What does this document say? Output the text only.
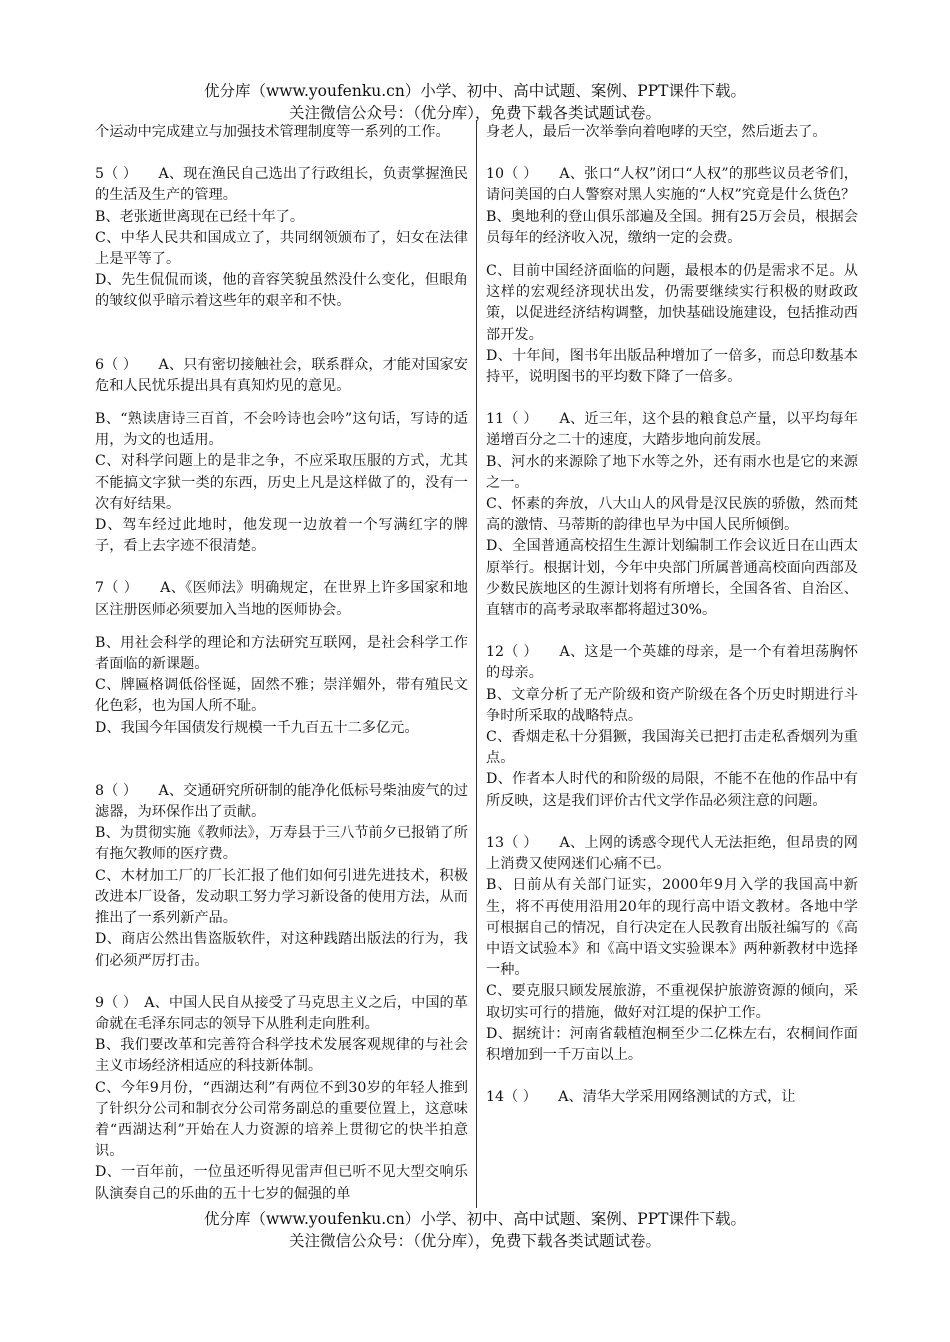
优分库（www.youfenku.cn）小学、初中、高中试题、案例、PPT课件下载。
关注微信公众号：（优分库），免费下载各类试题试卷。

个运动中完成建立与加强技术管理制度等一系列的工作。

5（ ）　　A、现在渔民自己选出了行政组长，负责掌握渔民的生活及生产的管理。

B、老张逝世离现在已经十年了。

C、中华人民共和国成立了，共同纲领颁布了，妇女在法律上是平等了。

D、先生侃侃而谈，他的音容笑貌虽然没什么变化，但眼角的皱纹似乎暗示着这些年的艰辛和不快。

6（ ）　　A、只有密切接触社会，联系群众，才能对国家安危和人民忧乐提出具有真知灼见的意见。

B、“熟读唐诗三百首，不会吟诗也会吟”这句话，写诗的适用，为文的也适用。

C、对科学问题上的是非之争，不应采取压服的方式，尤其不能搞文字狱一类的东西，历史上凡是这样做了的，没有一次有好结果。

D、驾车经过此地时，他发现一边放着一个写满红字的牌子，看上去字迹不很清楚。

7（ ）　　A、《医师法》明确规定，在世界上许多国家和地区注册医师必须要加入当地的医师协会。

B、用社会科学的理论和方法研究互联网，是社会科学工作者面临的新课题。

C、牌匾格调低俗怪诞，固然不雅；崇洋媚外，带有殖民文化色彩，也为国人所不耻。

D、我国今年国债发行规模一千九百五十二多亿元。

8（ ）　　A、交通研究所研制的能净化低标号柴油废气的过滤器，为环保作出了贡献。

B、为贯彻实施《教师法》，万寿县于三八节前夕已报销了所有拖欠教师的医疗费。

C、木材加工厂的厂长汇报了他们如何引进先进技术，积极改进本厂设备，发动职工努力学习新设备的使用方法，从而推出了一系列新产品。

D、商店公然出售盗版软件，对这种践踏出版法的行为，我们必须严厉打击。

9（ ）　A、中国人民自从接受了马克思主义之后，中国的革命就在毛泽东同志的领导下从胜利走向胜利。

B、我们要改革和完善符合科学技术发展客观规律的与社会主义市场经济相适应的科技新体制。

C、今年9月份，“西湖达利”有两位不到30岁的年轻人推到了针织分公司和制衣分公司常务副总的重要位置上，这意味着“西湖达利”开始在人力资源的培养上贯彻它的快半拍意识。

D、一百年前，一位虽还听得见雷声但已听不见大型交响乐队演奏自己的乐曲的五十七岁的倔强的单

身老人，最后一次举拳向着咆哮的天空，然后逝去了。

10（ ）　　A、张口“人权”闭口“人权”的那些议员老爷们，请问美国的白人警察对黑人实施的“人权”究竟是什么货色？

B、奥地利的登山俱乐部遍及全国。拥有25万会员，根据会员每年的经济收入况，缴纳一定的会费。

C、目前中国经济面临的问题，最根本的仍是需求不足。从这样的宏观经济现状出发，仍需要继续实行积极的财政政策，以促进经济结构调整，加快基础设施建设，包括推动西部开发。

D、十年间，图书年出版品种增加了一倍多，而总印数基本持平，说明图书的平均数下降了一倍多。

11（ ）　　A、近三年，这个县的粮食总产量，以平均每年递增百分之二十的速度，大踏步地向前发展。

B、河水的来源除了地下水等之外，还有雨水也是它的来源之一。

C、怀素的奔放，八大山人的风骨是汉民族的骄傲，然而梵高的激情、马蒂斯的韵律也早为中国人民所倾倒。

D、全国普通高校招生生源计划编制工作会议近日在山西太原举行。根据计划，今年中央部门所属普通高校面向西部及少数民族地区的生源计划将有所增长，全国各省、自治区、直辖市的高考录取率都将超过30%。

12（ ）　　A、这是一个英雄的母亲，是一个有着坦荡胸怀的母亲。

B、文章分析了无产阶级和资产阶级在各个历史时期进行斗争时所采取的战略特点。

C、香烟走私十分猖獗，我国海关已把打击走私香烟列为重点。

D、作者本人时代的和阶级的局限，不能不在他的作品中有所反映，这是我们评价古代文学作品必须注意的问题。

13（ ）　　A、上网的诱惑令现代人无法拒绝，但昂贵的网上消费又使网迷们心痛不已。

B、日前从有关部门证实，2000年9月入学的我国高中新生，将不再使用沿用20年的现行高中语文教材。各地中学可根据自己的情况，自行决定在人民教育出版社编写的《高中语文试验本》和《高中语文实验课本》两种新教材中选择一种。

C、要克服只顾发展旅游，不重视保护旅游资源的倾向，采取切实可行的措施，做好对江堤的保护工作。

D、据统计：河南省载植泡桐至少二亿株左右，农桐间作面积增加到一千万亩以上。

14（ ）　　A、清华大学采用网络测试的方式，让

优分库（www.youfenku.cn）小学、初中、高中试题、案例、PPT课件下载。
关注微信公众号：（优分库），免费下载各类试题试卷。
